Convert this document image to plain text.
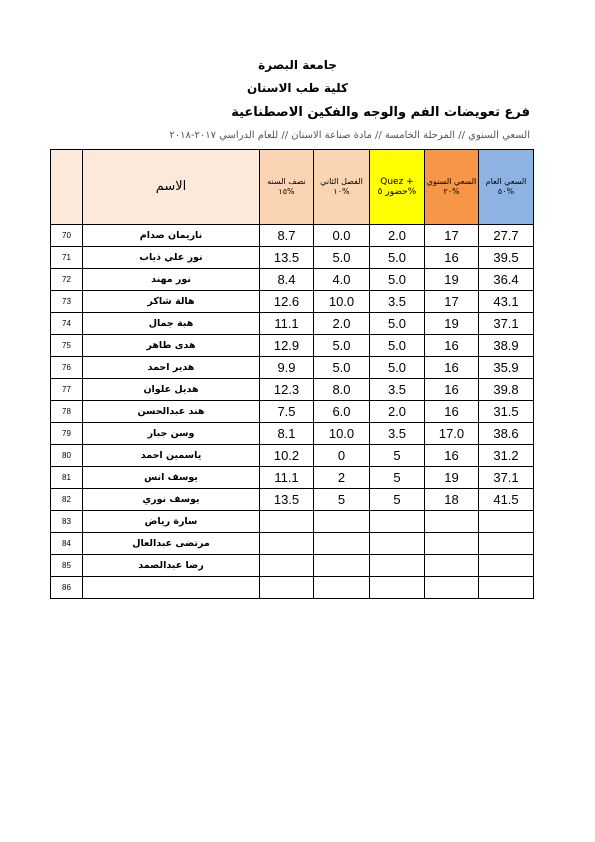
جامعة البصرة
كلية طب الاسنان
فرع تعويضات الفم والوجه والفكين الاصطناعية
السعي السنوي // المرحلة الخامسة // مادة صناعة الاسنان // للعام الدراسي ٢٠١٧-٢٠١٨
	الاسم	نصف السنه ١٥%	الفصل الثاني ١٠%	Quez + حضور ٥%	السعي السنوي ٢٠%	السعي العام ٥٠%
70	ناريمان صدام	8.7	0.0	2.0	17	27.7
71	نور علي ذياب	13.5	5.0	5.0	16	39.5
72	نور مهند	8.4	4.0	5.0	19	36.4
73	هالة شاكر	12.6	10.0	3.5	17	43.1
74	هبة جمال	11.1	2.0	5.0	19	37.1
75	هدى طاهر	12.9	5.0	5.0	16	38.9
76	هدير احمد	9.9	5.0	5.0	16	35.9
77	هديل علوان	12.3	8.0	3.5	16	39.8
78	هند عبدالحسن	7.5	6.0	2.0	16	31.5
79	وسن جبار	8.1	10.0	3.5	17.0	38.6
80	ياسمين احمد	10.2	0	5	16	31.2
81	يوسف انس	11.1	2	5	19	37.1
82	يوسف نوري	13.5	5	5	18	41.5
83	سارة رياض					
84	مرتضى عبدالعال					
85	رضا عبدالصمد					
86						
